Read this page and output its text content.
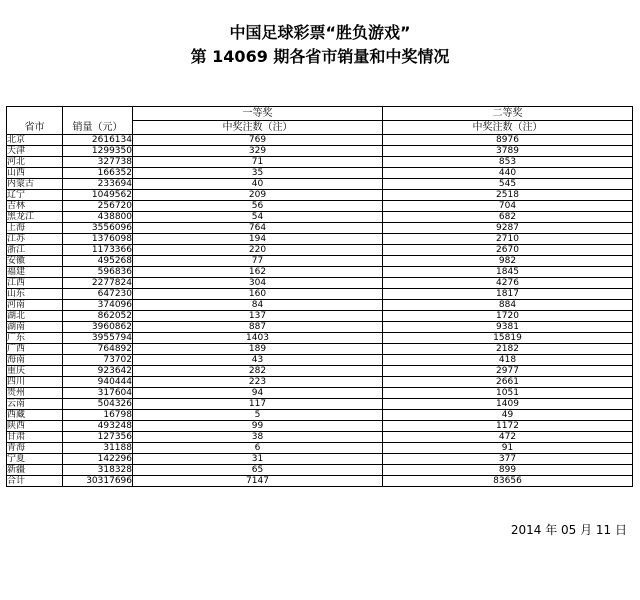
中国足球彩票“胜负游戏”
第 14069 期各省市销量和中奖情况
省市	销量（元）	一等奖	二等奖
		中奖注数（注）	中奖注数（注）
北京	2616134	769	8976
天津	1299350	329	3789
河北	327738	71	853
山西	166352	35	440
内蒙古	233694	40	545
辽宁	1049562	209	2518
吉林	256720	56	704
黑龙江	438800	54	682
上海	3556096	764	9287
江苏	1376098	194	2710
浙江	1173366	220	2670
安徽	495268	77	982
福建	596836	162	1845
江西	2277824	304	4276
山东	647230	160	1817
河南	374096	84	884
湖北	862052	137	1720
湖南	3960862	887	9381
广东	3955794	1403	15819
广西	764892	189	2182
海南	73702	43	418
重庆	923642	282	2977
四川	940444	223	2661
贵州	317604	94	1051
云南	504326	117	1409
西藏	16798	5	49
陕西	493248	99	1172
甘肃	127356	38	472
青海	31188	6	91
宁夏	142296	31	377
新疆	318328	65	899
合计	30317696	7147	83656
2014 年 05 月 11 日
